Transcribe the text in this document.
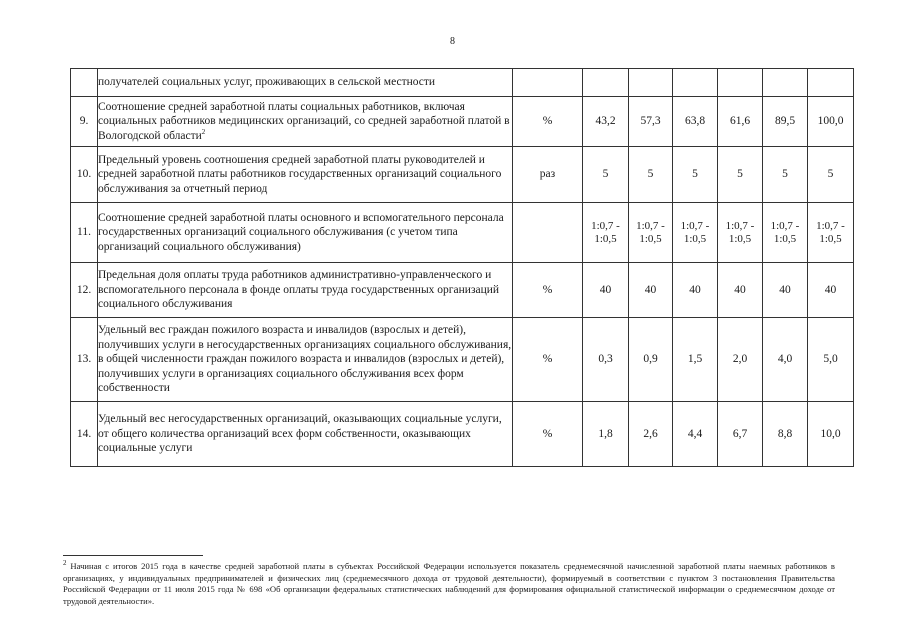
8
	получателей социальных услуг, проживающих в сельской местности							
9.	Соотношение средней заработной платы социальных работников, включая социальных работников медицинских организаций, со средней заработной платой в Вологодской области$^2$	%	43,2	57,3	63,8	61,6	89,5	100,0
10.	Предельный уровень соотношения средней заработной платы руководителей и средней заработной платы работников государственных организаций социального обслуживания за отчетный период	раз	5	5	5	5	5	5
11.	Соотношение средней заработной платы основного и вспомогательного персонала государственных организаций социального обслуживания (с учетом типа организаций социального обслуживания)		1:0,7 - 1:0,5	1:0,7 - 1:0,5	1:0,7 - 1:0,5	1:0,7 - 1:0,5	1:0,7 - 1:0,5	1:0,7 - 1:0,5
12.	Предельная доля оплаты труда работников административно-управленческого и вспомогательного персонала в фонде оплаты труда государственных организаций социального обслуживания	%	40	40	40	40	40	40
13.	Удельный вес граждан пожилого возраста и инвалидов (взрослых и детей), получивших услуги в негосударственных организациях социального обслуживания, в общей численности граждан пожилого возраста и инвалидов (взрослых и детей), получивших услуги в организациях социального обслуживания всех форм собственности	%	0,3	0,9	1,5	2,0	4,0	5,0
14.	Удельный вес негосударственных организаций, оказывающих социальные услуги, от общего количества организаций всех форм собственности, оказывающих социальные услуги	%	1,8	2,6	4,4	6,7	8,8	10,0
$^2$ Начиная с итогов 2015 года в качестве средней заработной платы в субъектах Российской Федерации используется показатель среднемесячной начисленной заработной платы наемных работников в организациях, у индивидуальных предпринимателей и физических лиц (среднемесячного дохода от трудовой деятельности), формируемый в соответствии с пунктом 3 постановления Правительства Российской Федерации от 11 июля 2015 года № 698 «Об организации федеральных статистических наблюдений для формирования официальной статистической информации о среднемесячном доходе от трудовой деятельности».
